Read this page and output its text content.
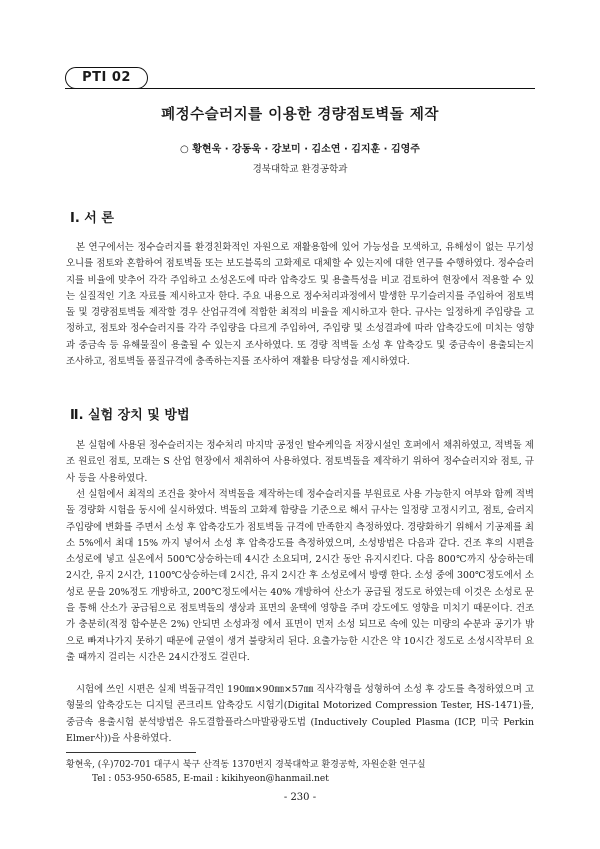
PTI 02
폐정수슬러지를 이용한 경량점토벽돌 제작
○ 황현욱 · 강동욱 · 강보미 · 김소연 · 김지훈 · 김영주
경북대학교 환경공학과
Ⅰ. 서 론

본 연구에서는 정수슬러지를 환경친화적인 자원으로 재활용함에 있어 가능성을 모색하고, 유해성이 없는 무기성오니를 점토와 혼합하여 점토벽돌 또는 보도블록의 고화제로 대체할 수 있는지에 대한 연구를 수행하였다. 정수슬러지를 비율에 맞추어 각각 주입하고 소성온도에 따라 압축강도 및 용출특성을 비교 검토하여 현장에서 적용할 수 있는 실질적인 기초 자료를 제시하고자 한다. 주요 내용으로 정수처리과정에서 발생한 무기슬러지를 주입하여 점토벽돌 및 경량점토벽돌 제작할 경우 산업규격에 적합한 최적의 비율을 제시하고자 한다. 규사는 일정하게 주입량을 고정하고, 점토와 정수슬러지를 각각 주입량을 다르게 주입하여, 주입량 및 소성결과에 따라 압축강도에 미치는 영향과 중금속 등 유해물질이 용출될 수 있는지 조사하였다. 또 경량 적벽돌 소성 후 압축강도 및 중금속이 용출되는지 조사하고, 점토벽돌 품질규격에 충족하는지를 조사하여 재활용 타당성을 제시하였다.

Ⅱ. 실험 장치 및 방법

본 실험에 사용된 정수슬러지는 정수처리 마지막 공정인 탈수케익을 저장시설인 호퍼에서 채취하였고, 적벽돌 제조 원료인 점토, 모래는 S 산업 현장에서 채취하여 사용하였다. 점토벽돌을 제작하기 위하여 정수슬러지와 점토, 규사 등을 사용하였다.

선 실험에서 최적의 조건을 찾아서 적벽돌을 제작하는데 정수슬러지를 부원료로 사용 가능한지 여부와 함께 적벽돌 경량화 시험을 동시에 실시하였다. 벽돌의 고화제 함량을 기준으로 해서 규사는 일정량 고정시키고, 점토, 슬러지 주입량에 변화를 주면서 소성 후 압축강도가 점토벽돌 규격에 만족한지 측정하였다. 경량화하기 위해서 기공제를 최소 5%에서 최대 15% 까지 넣어서 소성 후 압축강도를 측정하였으며, 소성방법은 다음과 같다. 건조 후의 시편을 소성로에 넣고 실온에서 500℃상승하는데 4시간 소요되며, 2시간 동안 유지시킨다. 다음 800℃까지 상승하는데 2시간, 유지 2시간, 1100℃상승하는데 2시간, 유지 2시간 후 소성로에서 방랭 한다. 소성 중에 300℃정도에서 소성로 문을 20%정도 개방하고, 200℃정도에서는 40% 개방하여 산소가 공급될 정도로 하였는데 이것은 소성로 문을 통해 산소가 공급됨으로 점토벽돌의 생상과 표면의 윤택에 영향을 주며 강도에도 영향을 미치기 때문이다. 건조가 충분히(적정 함수분은 2%) 안되면 소성과정 에서 표면이 먼저 소성 되므로 속에 있는 미량의 수분과 공기가 밖으로 빠져나가지 못하기 때문에 균열이 생겨 불량처리 된다. 요출가능한 시간은 약 10시간 정도로 소성시작부터 요출 때까지 걸리는 시간은 24시간정도 걸린다.

시험에 쓰인 시편은 실제 벽돌규격인 190㎜×90㎜×57㎜ 직사각형을 성형하여 소성 후 강도를 측정하였으며 고형물의 압축강도는 디지털 콘크리트 압축강도 시험기(Digital Motorized Compression Tester, HS-1471)를, 중금속 용출시험 분석방법은 유도결합플라스마발광광도법 (Inductively Coupled Plasma (ICP, 미국 Perkin Elmer사))을 사용하였다.

황현욱, (우)702-701 대구시 북구 산격동 1370번지 경북대학교 환경공학, 자원순환 연구실
Tel : 053-950-6585, E-mail : kikihyeon@hanmail.net
- 230 -
